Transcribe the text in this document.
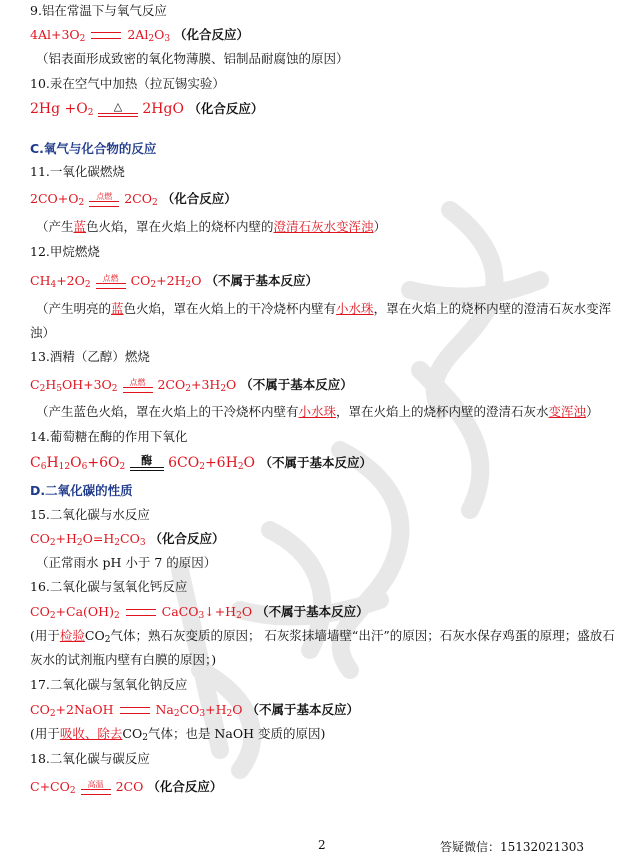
9.铝在常温下与氧气反应
$4Al+3O_2$	$2Al_2O_3$ （化合反应）
（铝表面形成致密的氧化物薄膜、铝制品耐腐蚀的原因）
10.汞在空气中加热（拉瓦锡实验）
$2Hg +O_2$ △ 2HgO （化合反应）
C.氧气与化合物的反应
11.一氧化碳燃烧
$2CO+O_2$
点燃 $2CO_2$ （化合反应）
（产生蓝色火焰，罩在火焰上的烧杯内壁的澄清石灰水变浑浊）
12.甲烷燃烧
$CH_4+2O_2$
点燃 $CO_2+2H_2O$ （不属于基本反应）
（产生明亮的蓝色火焰，罩在火焰上的干冷烧杯内壁有小水珠，罩在火焰上的烧杯内壁的澄清石灰水变浑
浊）
13.酒精（乙醇）燃烧
$C_2H_5OH+3O_2$
点燃 $2CO_2+3H_2O$ （不属于基本反应）
（产生蓝色火焰，罩在火焰上的干冷烧杯内壁有小水珠，罩在火焰上的烧杯内壁的澄清石灰水变浑浊）
14.葡萄糖在酶的作用下氧化
$C_6H_{12}O_6+6O_2$ 酶 $6CO_2+6H_2O$ （不属于基本反应）
D.二氧化碳的性质
15.二氧化碳与水反应
$CO_2+H_2O=H_2CO_3$ （化合反应）
（正常雨水 pH 小于 7 的原因）
16.二氧化碳与氢氧化钙反应
$CO_2+Ca(OH)_2$	$CaCO_3↓+H_2O$ （不属于基本反应）
(用于检验$CO_2$气体；熟石灰变质的原因； 石灰浆抹墙墙壁“出汗”的原因；石灰水保存鸡蛋的原理；盛放石
灰水的试剂瓶内壁有白膜的原因；)
17.二氧化碳与氢氧化钠反应
$CO_2+2NaOH$	$Na_2CO_3+H_2O$ （不属于基本反应）
(用于吸收、除去$CO_2$气体；也是 NaOH 变质的原因)
18.二氧化碳与碳反应
$C+CO_2$
高温 2CO （化合反应）
2	答疑微信：15132021303
